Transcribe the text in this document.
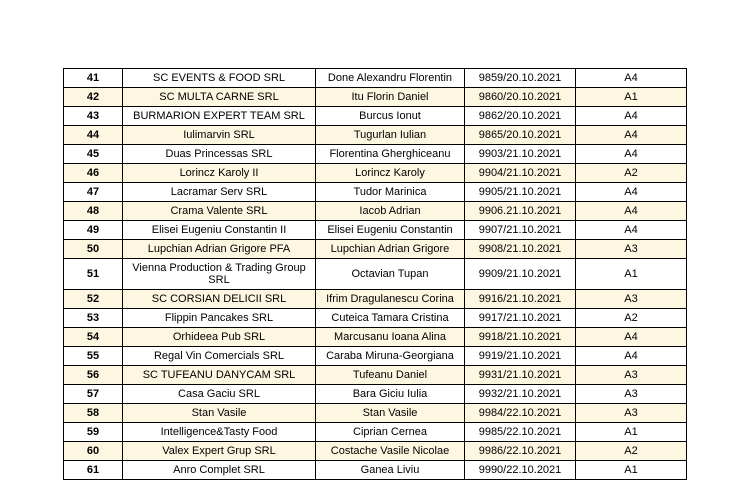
41	SC EVENTS & FOOD SRL	Done Alexandru Florentin	9859/20.10.2021	A4
42	SC MULTA CARNE SRL	Itu Florin Daniel	9860/20.10.2021	A1
43	BURMARION EXPERT TEAM SRL	Burcus Ionut	9862/20.10.2021	A4
44	Iulimarvin SRL	Tugurlan Iulian	9865/20.10.2021	A4
45	Duas Princessas SRL	Florentina Gherghiceanu	9903/21.10.2021	A4
46	Lorincz Karoly II	Lorincz Karoly	9904/21.10.2021	A2
47	Lacramar Serv SRL	Tudor Marinica	9905/21.10.2021	A4
48	Crama Valente SRL	Iacob Adrian	9906.21.10.2021	A4
49	Elisei Eugeniu Constantin II	Elisei Eugeniu Constantin	9907/21.10.2021	A4
50	Lupchian Adrian Grigore PFA	Lupchian Adrian Grigore	9908/21.10.2021	A3
51	Vienna Production & Trading Group SRL	Octavian Tupan	9909/21.10.2021	A1
52	SC CORSIAN DELICII SRL	Ifrim Dragulanescu Corina	9916/21.10.2021	A3
53	Flippin Pancakes SRL	Cuteica Tamara Cristina	9917/21.10.2021	A2
54	Orhideea Pub SRL	Marcusanu Ioana Alina	9918/21.10.2021	A4
55	Regal Vin Comercials SRL	Caraba Miruna-Georgiana	9919/21.10.2021	A4
56	SC TUFEANU DANYCAM SRL	Tufeanu Daniel	9931/21.10.2021	A3
57	Casa Gaciu SRL	Bara Giciu Iulia	9932/21.10.2021	A3
58	Stan Vasile	Stan Vasile	9984/22.10.2021	A3
59	Intelligence&Tasty Food	Ciprian Cernea	9985/22.10.2021	A1
60	Valex Expert Grup SRL	Costache Vasile Nicolae	9986/22.10.2021	A2
61	Anro Complet SRL	Ganea Liviu	9990/22.10.2021	A1
